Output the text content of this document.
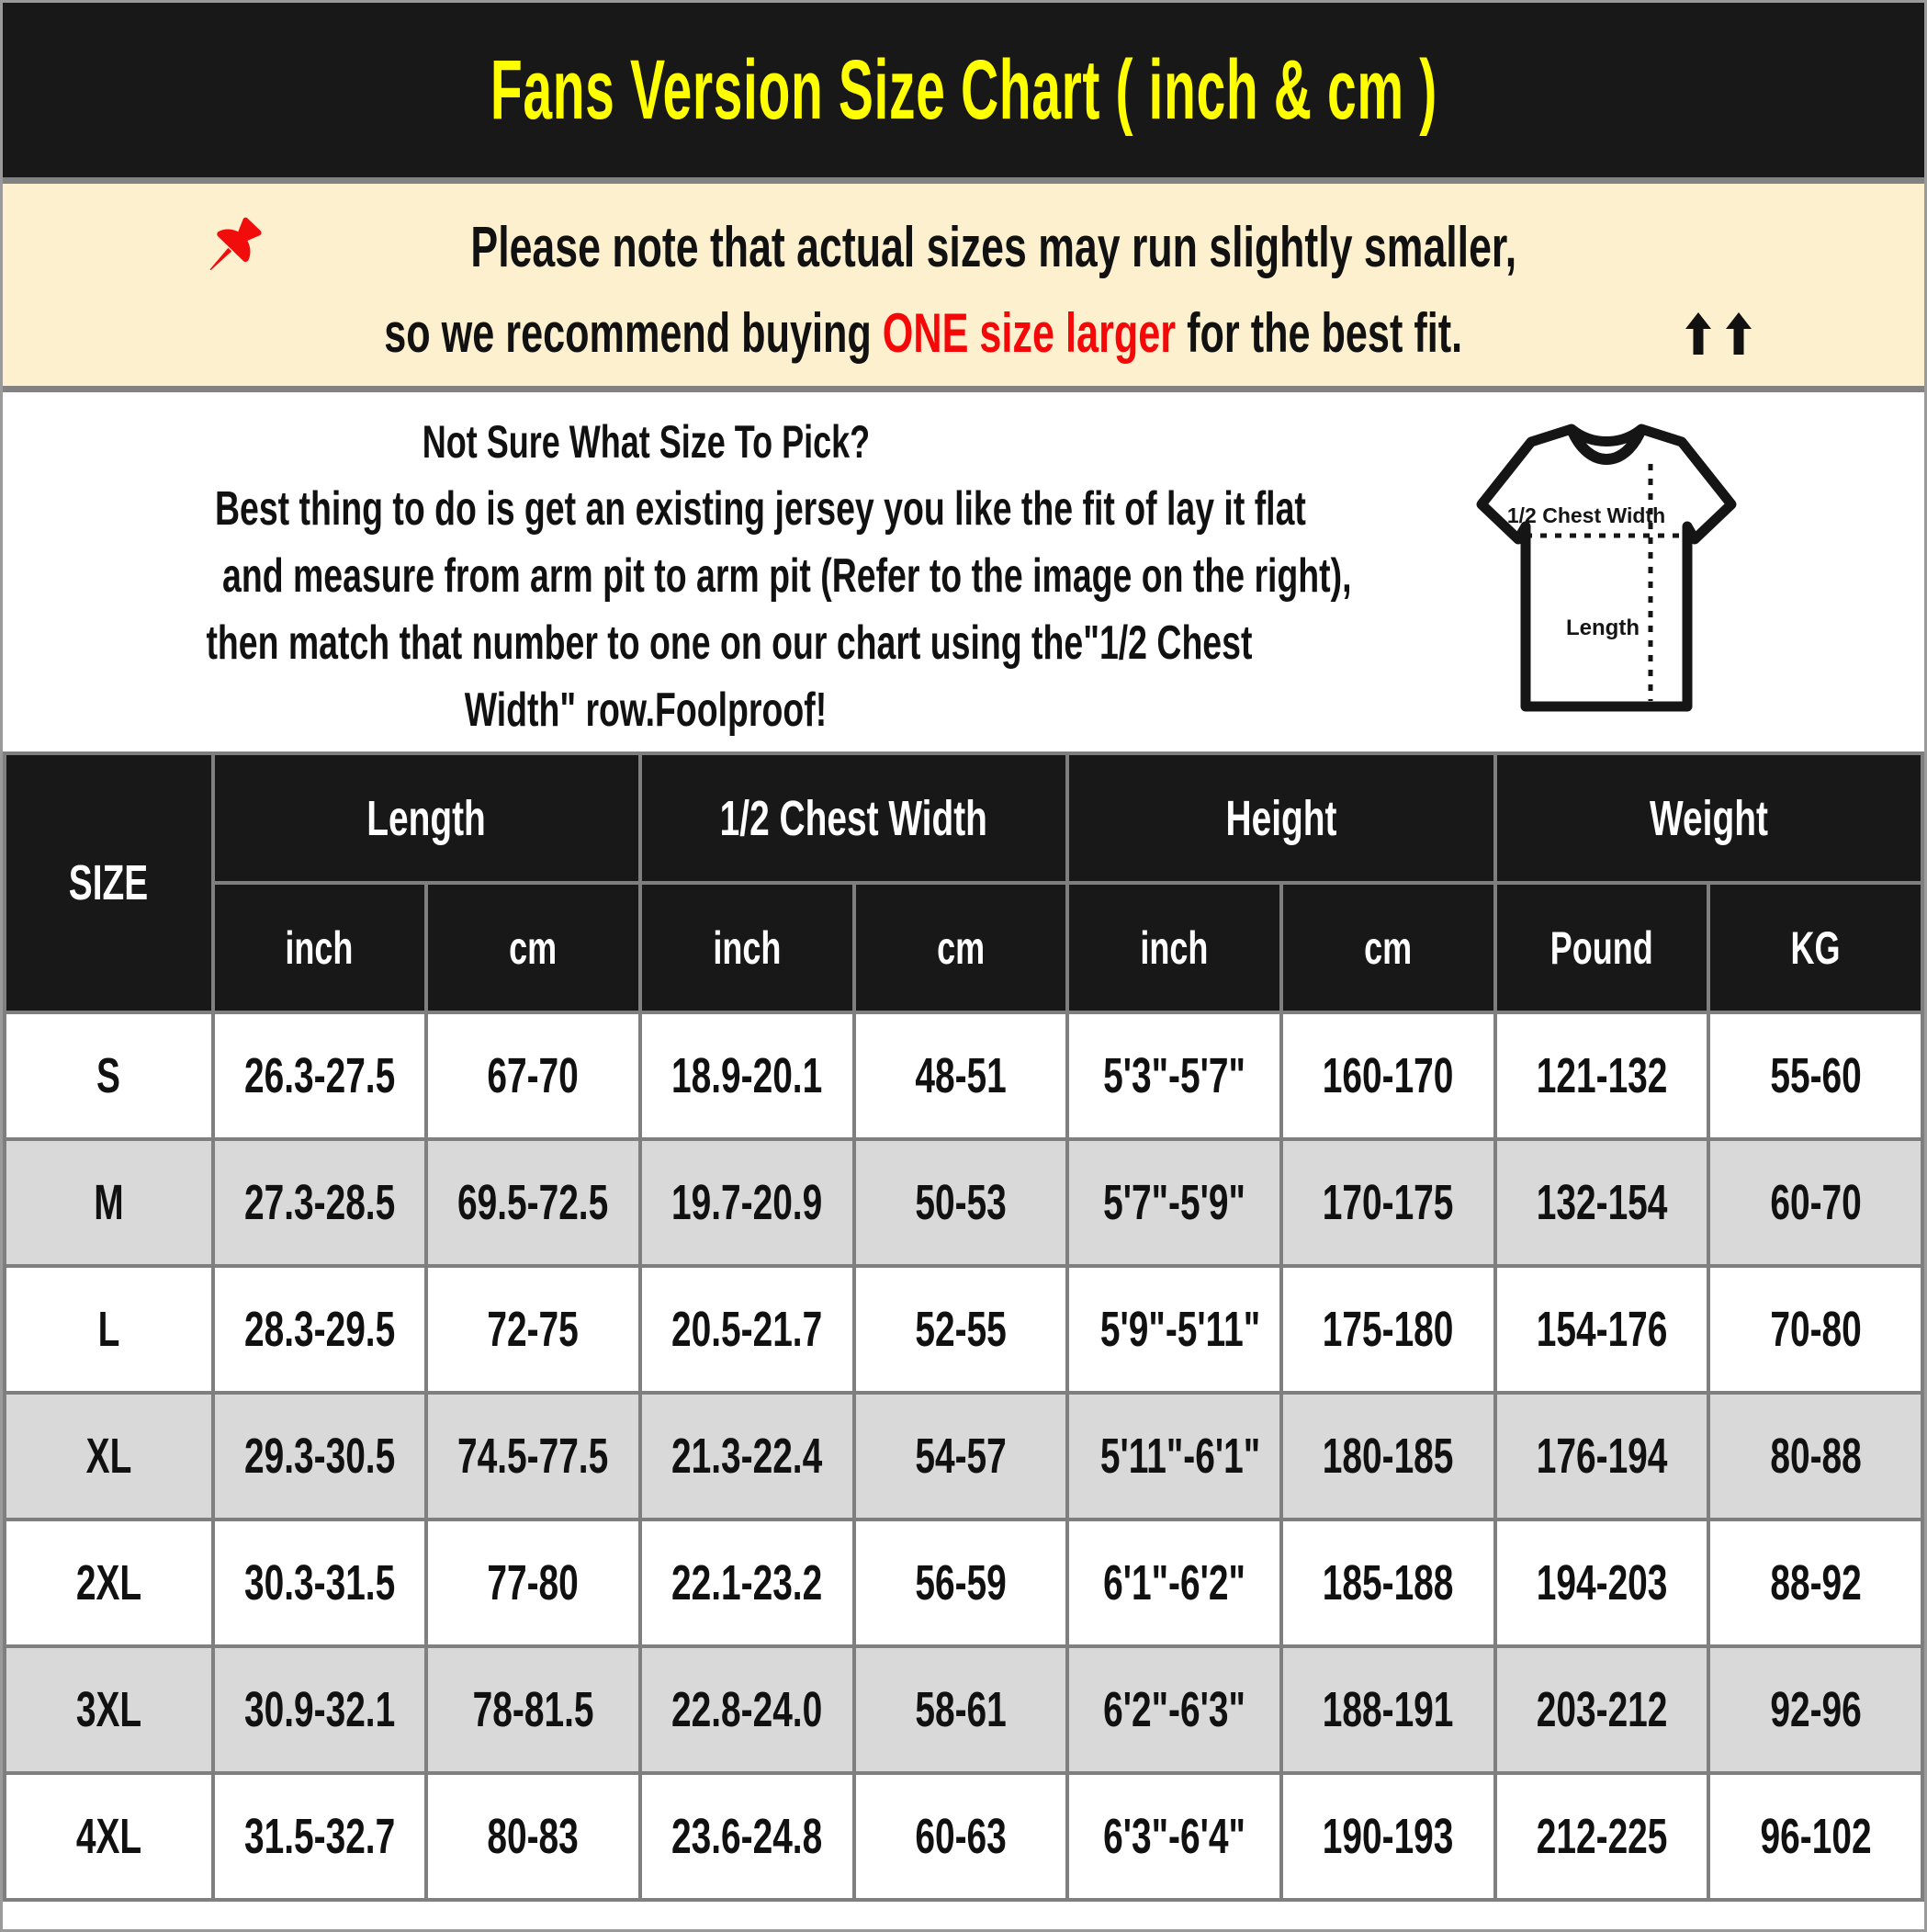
Fans Version Size Chart ( inch & cm )
Please note that actual sizes may run slightly smaller,
so we recommend buying ONE size larger for the best fit.
Not Sure What Size To Pick?
Best thing to do is get an existing jersey you like the fit of lay it flat
and measure from arm pit to arm pit (Refer to the image on the right),
then match that number to one on our chart using the"1/2 Chest
Width" row.Foolproof!
1/2 Chest Width
Length
SIZE	Length		1/2 Chest Width		Height		Weight	
	inch	cm	inch	cm	inch	cm	Pound	KG
S	26.3-27.5	67-70	18.9-20.1	48-51	5'3"-5'7"	160-170	121-132	55-60
M	27.3-28.5	69.5-72.5	19.7-20.9	50-53	5'7"-5'9"	170-175	132-154	60-70
L	28.3-29.5	72-75	20.5-21.7	52-55	5'9"-5'11"	175-180	154-176	70-80
XL	29.3-30.5	74.5-77.5	21.3-22.4	54-57	5'11"-6'1"	180-185	176-194	80-88
2XL	30.3-31.5	77-80	22.1-23.2	56-59	6'1"-6'2"	185-188	194-203	88-92
3XL	30.9-32.1	78-81.5	22.8-24.0	58-61	6'2"-6'3"	188-191	203-212	92-96
4XL	31.5-32.7	80-83	23.6-24.8	60-63	6'3"-6'4"	190-193	212-225	96-102
